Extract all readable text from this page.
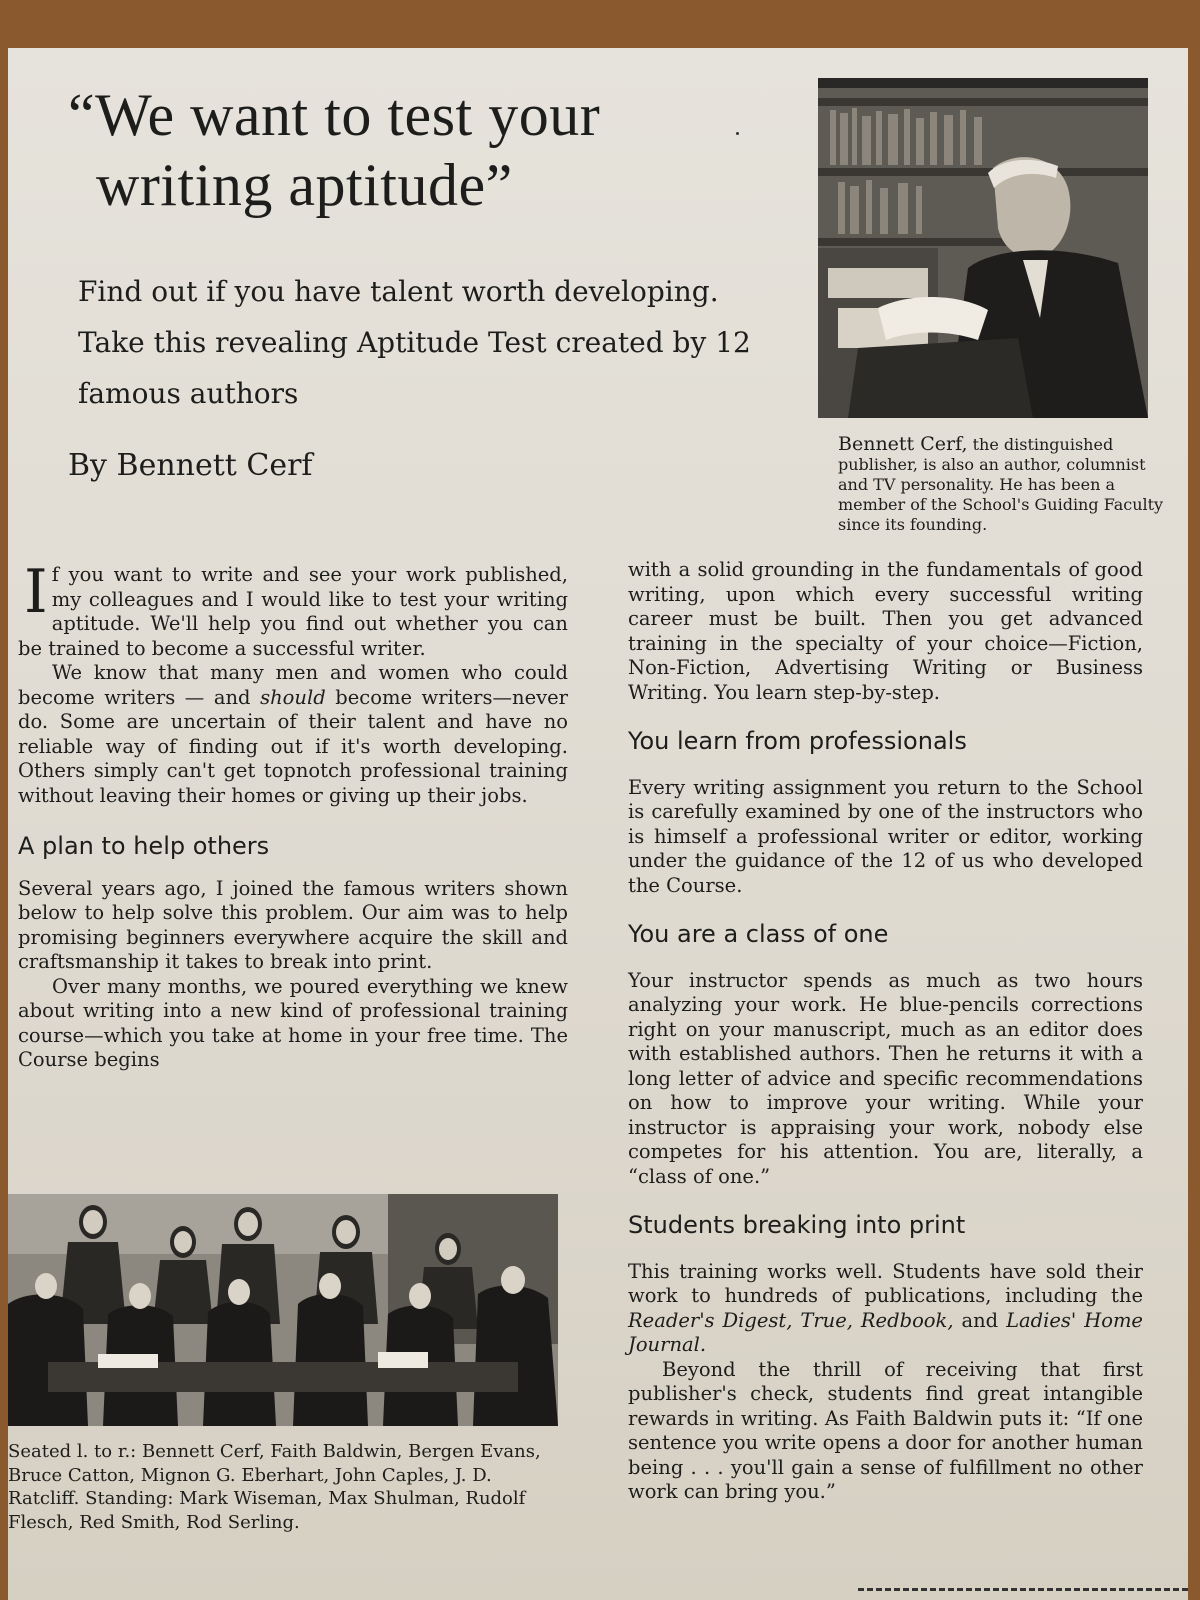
“We want to test your
writing aptitude”
Find out if you have talent worth developing. Take this revealing Aptitude Test created by 12 famous authors
By Bennett Cerf
Bennett Cerf, the distinguished publisher, is also an author, columnist and TV personality. He has been a member of the School's Guiding Faculty since its founding.

If you want to write and see your work published, my colleagues and I would like to test your writing aptitude. We'll help you find out whether you can be trained to become a successful writer.

We know that many men and women who could become writers — and should become writers—never do. Some are uncertain of their talent and have no reliable way of finding out if it's worth developing. Others simply can't get topnotch professional training without leaving their homes or giving up their jobs.

A plan to help others

Several years ago, I joined the famous writers shown below to help solve this problem. Our aim was to help promising beginners everywhere acquire the skill and craftsmanship it takes to break into print.

Over many months, we poured everything we knew about writing into a new kind of professional training course—which you take at home in your free time. The Course begins

Seated l. to r.: Bennett Cerf, Faith Baldwin, Bergen Evans, Bruce Catton, Mignon G. Eberhart, John Caples, J. D. Ratcliff. Standing: Mark Wiseman, Max Shulman, Rudolf Flesch, Red Smith, Rod Serling.

with a solid grounding in the fundamentals of good writing, upon which every successful writing career must be built. Then you get advanced training in the specialty of your choice—Fiction, Non-Fiction, Advertising Writing or Business Writing. You learn step-by-step.

You learn from professionals

Every writing assignment you return to the School is carefully examined by one of the instructors who is himself a professional writer or editor, working under the guidance of the 12 of us who developed the Course.

You are a class of one

Your instructor spends as much as two hours analyzing your work. He blue-pencils corrections right on your manuscript, much as an editor does with established authors. Then he returns it with a long letter of advice and specific recommendations on how to improve your writing. While your instructor is appraising your work, nobody else competes for his attention. You are, literally, a “class of one.”

Students breaking into print

This training works well. Students have sold their work to hundreds of publications, including the Reader's Digest, True, Redbook, and Ladies' Home Journal.

Beyond the thrill of receiving that first publisher's check, students find great intangible rewards in writing. As Faith Baldwin puts it: “If one sentence you write opens a door for another human being . . . you'll gain a sense of fulfillment no other work can bring you.”
